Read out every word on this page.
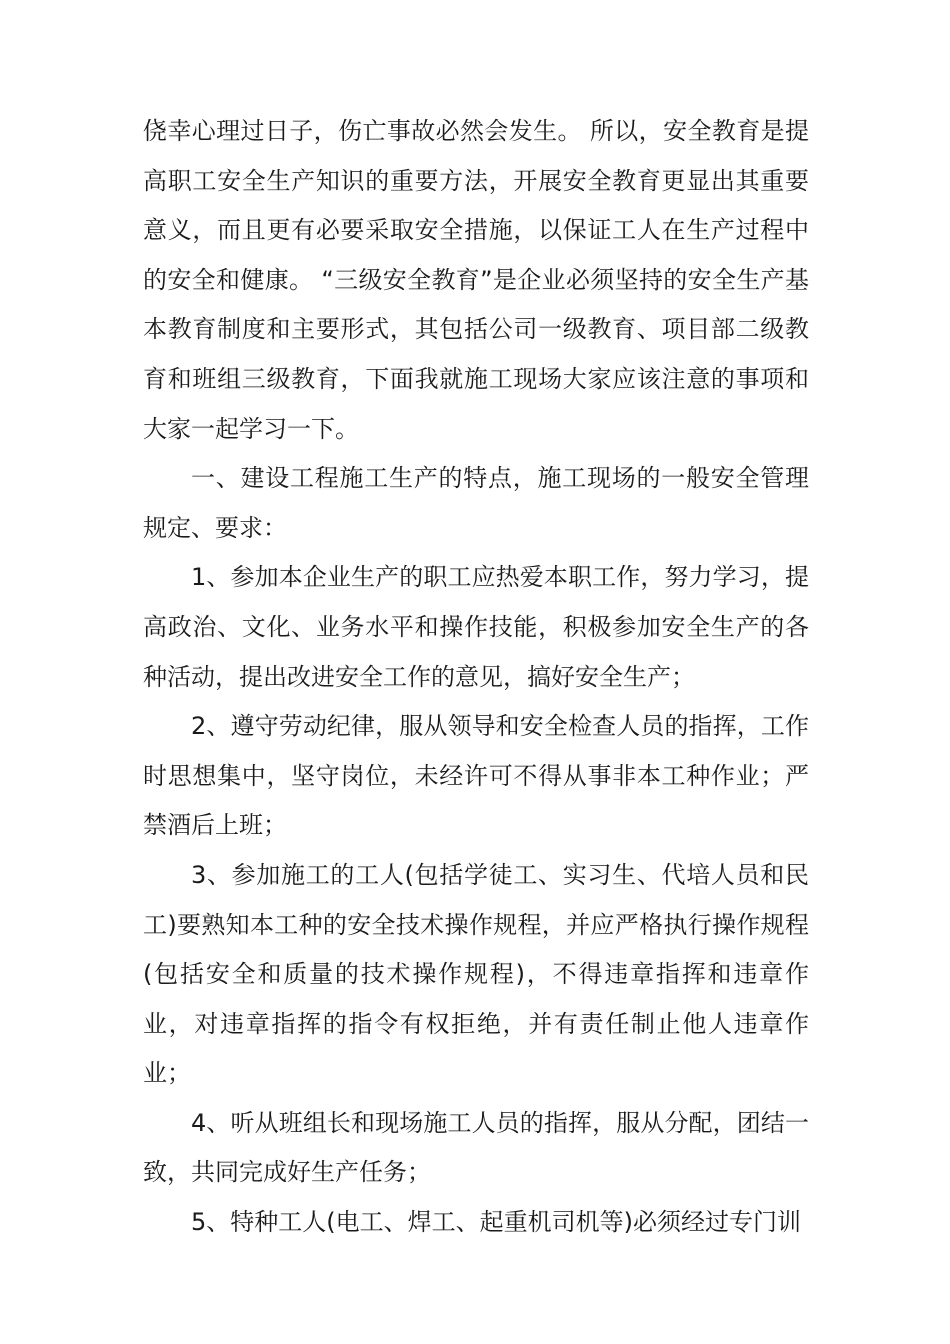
侥幸心理过日子，伤亡事故必然会发生。 所以，安全教育是提高职工安全生产知识的重要方法，开展安全教育更显出其重要意义，而且更有必要采取安全措施，以保证工人在生产过程中的安全和健康。 “三级安全教育”是企业必须坚持的安全生产基本教育制度和主要形式，其包括公司一级教育、项目部二级教育和班组三级教育，下面我就施工现场大家应该注意的事项和大家一起学习一下。

一、建设工程施工生产的特点，施工现场的一般安全管理规定、要求：

1、参加本企业生产的职工应热爱本职工作，努力学习，提高政治、文化、业务水平和操作技能，积极参加安全生产的各种活动，提出改进安全工作的意见，搞好安全生产；

2、遵守劳动纪律，服从领导和安全检查人员的指挥，工作时思想集中，坚守岗位，未经许可不得从事非本工种作业；严禁酒后上班；

3、参加施工的工人(包括学徒工、实习生、代培人员和民工)要熟知本工种的安全技术操作规程，并应严格执行操作规程(包括安全和质量的技术操作规程)，不得违章指挥和违章作业，对违章指挥的指令有权拒绝，并有责任制止他人违章作业；

4、听从班组长和现场施工人员的指挥，服从分配，团结一致，共同完成好生产任务；

5、特种工人(电工、焊工、起重机司机等)必须经过专门训
